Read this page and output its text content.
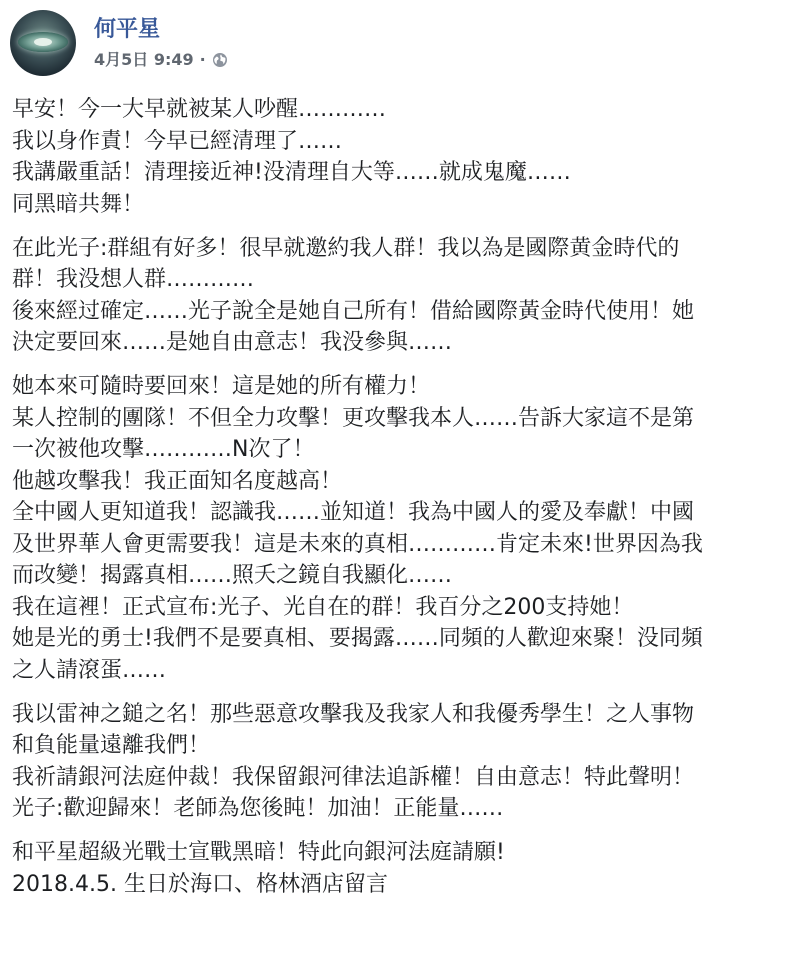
何平星
4月5日 9:49 ·
早安！今一大早就被某人吵醒…………
我以身作責！今早已經清理了……
我講嚴重話！清理接近神!没清理自大等……就成鬼魔……
同黑暗共舞！
在此光子:群組有好多！很早就邀約我人群！我以為是國際黄金時代的
群！我没想人群…………
後來經过確定……光子說全是她自己所有！借給國際黃金時代使用！她
決定要回來……是她自由意志！我没參與……
她本來可隨時要回來！這是她的所有權力！
某人控制的團隊！不但全力攻擊！更攻擊我本人……告訴大家這不是第
一次被他攻擊…………N次了！
他越攻擊我！我正面知名度越高！
全中國人更知道我！認識我……並知道！我為中國人的愛及奉獻！中國
及世界華人會更需要我！這是未來的真相…………肯定未來!世界因為我
而改變！揭露真相……照夭之鏡自我顯化……
我在這裡！正式宣布:光子、光自在的群！我百分之200支持她！
她是光的勇士!我們不是要真相、要揭露……同頻的人歡迎來聚！没同頻
之人請滾蛋……
我以雷神之鎚之名！那些惡意攻擊我及我家人和我優秀學生！之人事物
和負能量遠離我們！
我祈請銀河法庭仲裁！我保留銀河律法追訴權！自由意志！特此聲明！
光子:歡迎歸來！老師為您後盹！加油！正能量……
和平星超級光戰士宣戰黑暗！特此向銀河法庭請願!
2018.4.5. 生日於海口、格林酒店留言
